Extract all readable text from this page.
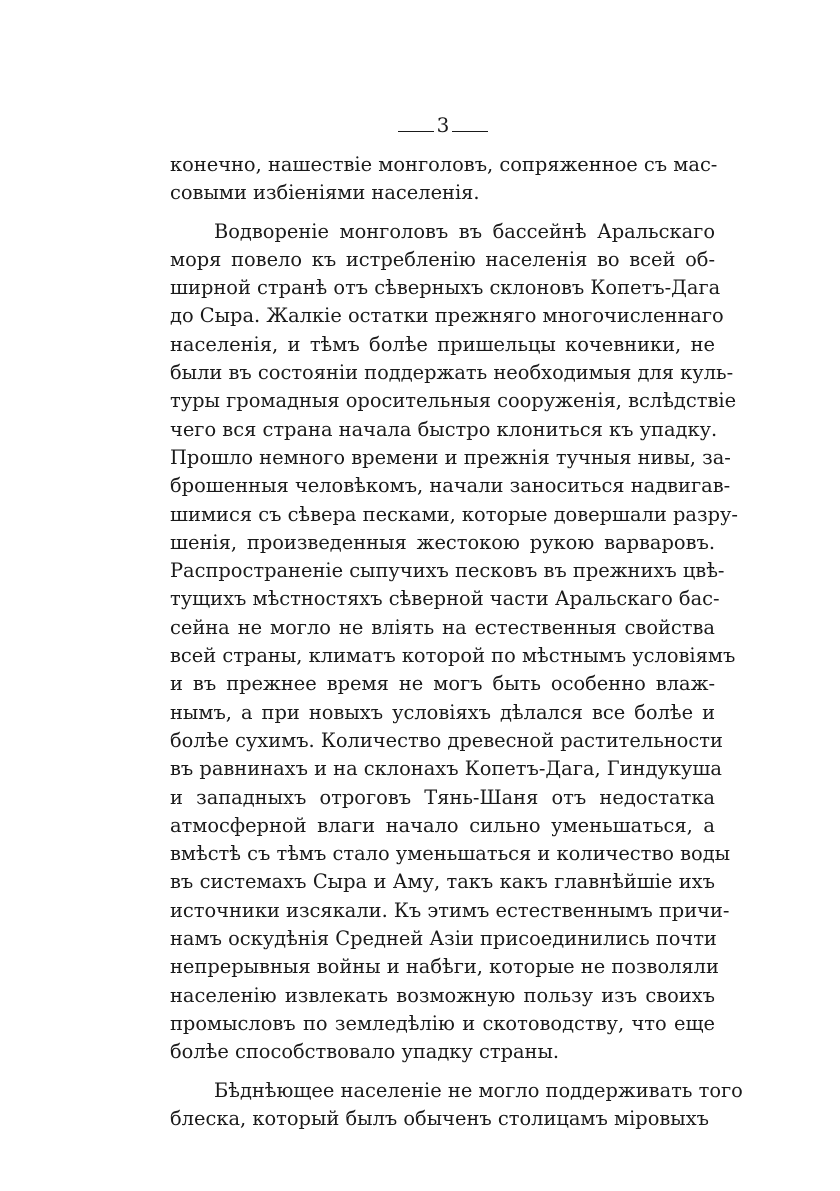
3
конечно, нашествіе монголовъ, сопряженное съ мас-
совыми избіеніями населенія.
Водвореніе монголовъ въ бассейнѣ Аральскаго
моря повело къ истребленію населенія во всей об-
ширной странѣ отъ сѣверныхъ склоновъ Копетъ-Дага
до Сыра. Жалкіе остатки прежняго многочисленнаго
населенія, и тѣмъ болѣе пришельцы кочевники, не
были въ состояніи поддержать необходимыя для куль-
туры громадныя оросительныя сооруженія, вслѣдствіе
чего вся страна начала быстро клониться къ упадку.
Прошло немного времени и прежнія тучныя нивы, за-
брошенныя человѣкомъ, начали заноситься надвигав-
шимися съ сѣвера песками, которые довершали разру-
шенія, произведенныя жестокою рукою варваровъ.
Распространеніе сыпучихъ песковъ въ прежнихъ цвѣ-
тущихъ мѣстностяхъ сѣверной части Аральскаго бас-
сейна не могло не вліять на естественныя свойства
всей страны, климатъ которой по мѣстнымъ условіямъ
и въ прежнее время не могъ быть особенно влаж-
нымъ, а при новыхъ условіяхъ дѣлался все болѣе и
болѣе сухимъ. Количество древесной растительности
въ равнинахъ и на склонахъ Копетъ-Дага, Гиндукуша
и западныхъ отроговъ Тянь-Шаня отъ недостатка
атмосферной влаги начало сильно уменьшаться, а
вмѣстѣ съ тѣмъ стало уменьшаться и количество воды
въ системахъ Сыра и Аму, такъ какъ главнѣйшіе ихъ
источники изсякали. Къ этимъ естественнымъ причи-
намъ оскудѣнія Средней Азіи присоединились почти
непрерывныя войны и набѣги, которые не позволяли
населенію извлекать возможную пользу изъ своихъ
промысловъ по земледѣлію и скотоводству, что еще
болѣе способствовало упадку страны.
Бѣднѣющее населеніе не могло поддерживать того
блеска, который былъ обыченъ столицамъ міровыхъ
